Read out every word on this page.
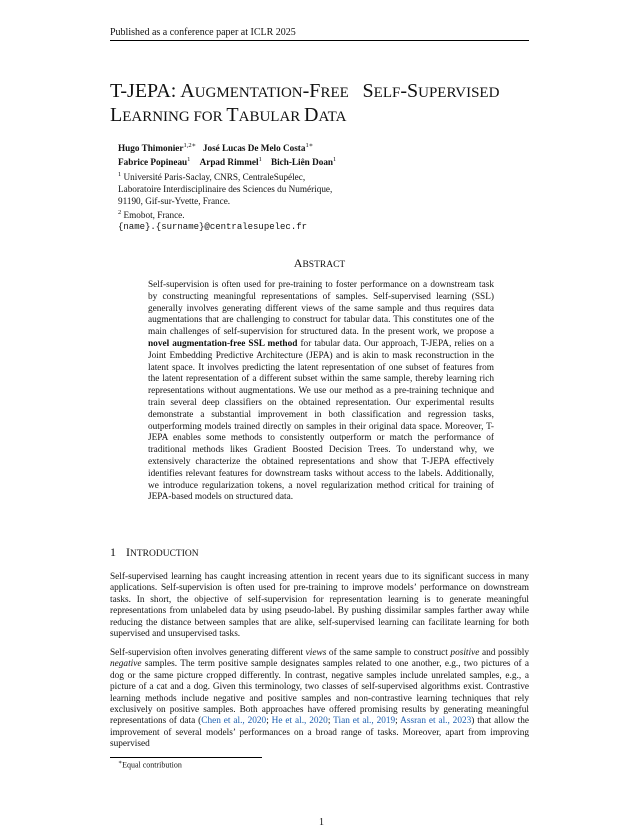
Published as a conference paper at ICLR 2025
T-JEPA: AUGMENTATION-FREE SELF-SUPERVISED
LEARNING FOR TABULAR DATA
Hugo Thimonier$^{1,2∗}$ José Lucas De Melo Costa$^{1∗}$
Fabrice Popineau$^1$ Arpad Rimmel$^1$ Bich-Liên Doan$^1$
$^1$ Université Paris-Saclay, CNRS, CentraleSupélec,
Laboratoire Interdisciplinaire des Sciences du Numérique,
91190, Gif-sur-Yvette, France.
$^2$ Emobot, France.
{name}.{surname}@centralesupelec.fr
ABSTRACT
Self-supervision is often used for pre-training to foster performance on a downstream task by constructing meaningful representations of samples. Self-supervised learning (SSL) generally involves generating different views of the same sample and thus requires data augmentations that are challenging to construct for tabular data. This constitutes one of the main challenges of self-supervision for structured data. In the present work, we propose a novel augmentation-free SSL method for tabular data. Our approach, T-JEPA, relies on a Joint Embedding Predictive Architecture (JEPA) and is akin to mask reconstruction in the latent space. It involves predicting the latent representation of one subset of features from the latent representation of a different subset within the same sample, thereby learning rich representations without augmentations. We use our method as a pre-training technique and train several deep classifiers on the obtained representation. Our experimental results demonstrate a substantial improvement in both classification and regression tasks, outperforming models trained directly on samples in their original data space. Moreover, T-JEPA enables some methods to consistently outperform or match the performance of traditional methods likes Gradient Boosted Decision Trees. To understand why, we extensively characterize the obtained representations and show that T-JEPA effectively identifies relevant features for downstream tasks without access to the labels. Additionally, we introduce regularization tokens, a novel regularization method critical for training of JEPA-based models on structured data.
1 INTRODUCTION
Self-supervised learning has caught increasing attention in recent years due to its significant success in many applications. Self-supervision is often used for pre-training to improve models’ performance on downstream tasks. In short, the objective of self-supervision for representation learning is to generate meaningful representations from unlabeled data by using pseudo-label. By pushing dissimilar samples farther away while reducing the distance between samples that are alike, self-supervised learning can facilitate learning for both supervised and unsupervised tasks.
Self-supervision often involves generating different views of the same sample to construct positive and possibly negative samples. The term positive sample designates samples related to one another, e.g., two pictures of a dog or the same picture cropped differently. In contrast, negative samples include unrelated samples, e.g., a picture of a cat and a dog. Given this terminology, two classes of self-supervised algorithms exist. Contrastive learning methods include negative and positive samples and non-contrastive learning techniques that rely exclusively on positive samples. Both approaches have offered promising results by generating meaningful representations of data (Chen et al., 2020; He et al., 2020; Tian et al., 2019; Assran et al., 2023) that allow the improvement of several models’ performances on a broad range of tasks. Moreover, apart from improving supervised
∗Equal contribution
1
